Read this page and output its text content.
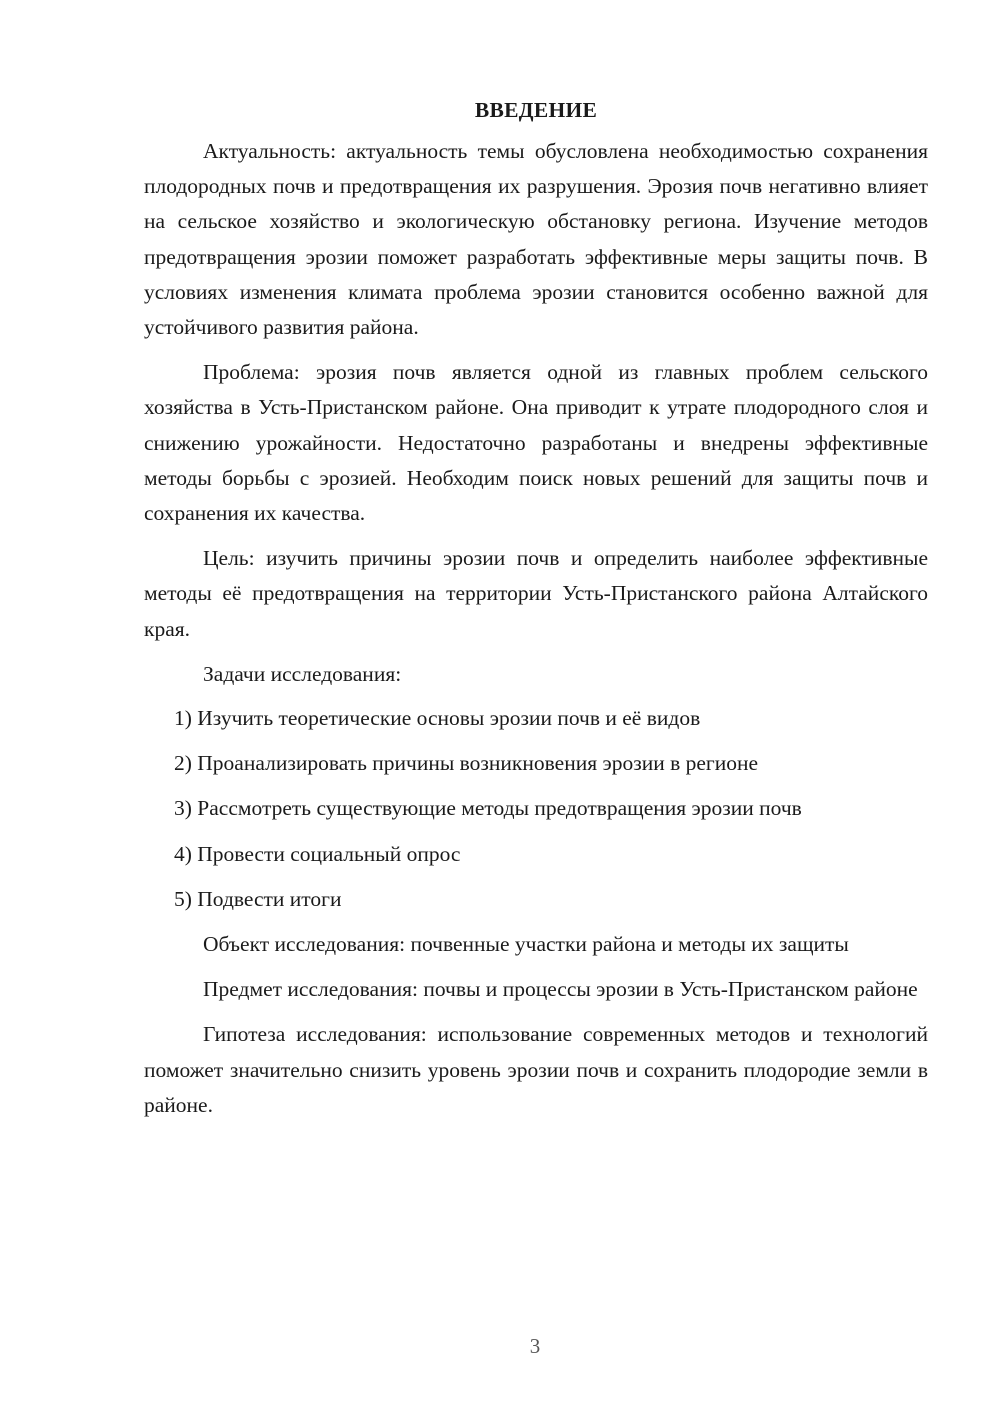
ВВЕДЕНИЕ

Актуальность: актуальность темы обусловлена необходимостью сохранения плодородных почв и предотвращения их разрушения. Эрозия почв негативно влияет на сельское хозяйство и экологическую обстановку региона. Изучение методов предотвращения эрозии поможет разработать эффективные меры защиты почв. В условиях изменения климата проблема эрозии становится особенно важной для устойчивого развития района.

Проблема: эрозия почв является одной из главных проблем сельского хозяйства в Усть-Пристанском районе. Она приводит к утрате плодородного слоя и снижению урожайности. Недостаточно разработаны и внедрены эффективные методы борьбы с эрозией. Необходим поиск новых решений для защиты почв и сохранения их качества.

Цель: изучить причины эрозии почв и определить наиболее эффективные методы её предотвращения на территории Усть-Пристанского района Алтайского края.

Задачи исследования:

1) Изучить теоретические основы эрозии почв и её видов
2) Проанализировать причины возникновения эрозии в регионе
3) Рассмотреть существующие методы предотвращения эрозии почв
4) Провести социальный опрос
5) Подвести итоги

Объект исследования: почвенные участки района и методы их защиты

Предмет исследования: почвы и процессы эрозии в Усть-Пристанском районе

Гипотеза исследования: использование современных методов и технологий поможет значительно снизить уровень эрозии почв и сохранить плодородие земли в районе.

3
